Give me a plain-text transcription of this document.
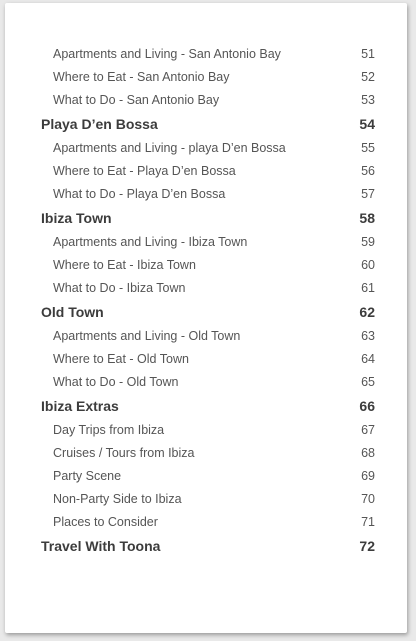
Apartments and Living - San Antonio Bay	51
Where to Eat - San Antonio Bay	52
What to Do - San Antonio Bay	53
Playa D’en Bossa	54
Apartments and Living - playa D’en Bossa	55
Where to Eat - Playa D’en Bossa	56
What to Do - Playa D’en Bossa	57
Ibiza Town	58
Apartments and Living - Ibiza Town	59
Where to Eat - Ibiza Town	60
What to Do - Ibiza Town	61
Old Town	62
Apartments and Living - Old Town	63
Where to Eat - Old Town	64
What to Do - Old Town	65
Ibiza Extras	66
Day Trips from Ibiza	67
Cruises / Tours from Ibiza	68
Party Scene	69
Non-Party Side to Ibiza	70
Places to Consider	71
Travel With Toona	72
